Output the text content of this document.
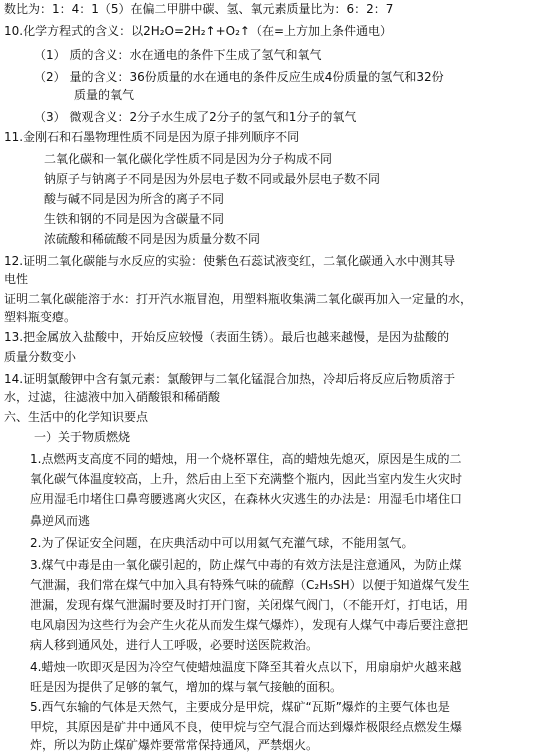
数比为：1：4：1（5）在偏二甲肼中碳、氢、氧元素质量比为：6：2：7
10.化学方程式的含义：以2H₂O=2H₂↑+O₂↑（在=上方加上条件通电）
（1） 质的含义：水在通电的条件下生成了氢气和氧气
（2） 量的含义：36份质量的水在通电的条件反应生成4份质量的氢气和32份
质量的氧气
（3） 微观含义：2分子水生成了2分子的氢气和1分子的氧气
11.金刚石和石墨物理性质不同是因为原子排列顺序不同
二氧化碳和一氧化碳化学性质不同是因为分子构成不同
钠原子与钠离子不同是因为外层电子数不同或最外层电子数不同
酸与碱不同是因为所含的离子不同
生铁和钢的不同是因为含碳量不同
浓硫酸和稀硫酸不同是因为质量分数不同
12.证明二氧化碳能与水反应的实验：使紫色石蕊试液变红，二氧化碳通入水中测其导
电性
证明二氧化碳能溶于水：打开汽水瓶冒泡，用塑料瓶收集满二氧化碳再加入一定量的水，
塑料瓶变瘪。
13.把金属放入盐酸中，开始反应较慢（表面生锈）。最后也越来越慢，是因为盐酸的
质量分数变小
14.证明氯酸钾中含有氯元素：氯酸钾与二氧化锰混合加热，冷却后将反应后物质溶于
水，过滤，往滤液中加入硝酸银和稀硝酸
六、生活中的化学知识要点
一）关于物质燃烧
1.点燃两支高度不同的蜡烛，用一个烧杯罩住，高的蜡烛先熄灭，原因是生成的二
氧化碳气体温度较高，上升，然后由上至下充满整个瓶内，因此当室内发生火灾时
应用湿毛巾堵住口鼻弯腰逃离火灾区，在森林火灾逃生的办法是：用湿毛巾堵住口
鼻逆风而逃
2.为了保证安全问题，在庆典活动中可以用氦气充灌气球，不能用氢气。
3.煤气中毒是由一氧化碳引起的，防止煤气中毒的有效方法是注意通风，为防止煤
气泄漏，我们常在煤气中加入具有特殊气味的硫醇（C₂H₅SH）以便于知道煤气发生
泄漏，发现有煤气泄漏时要及时打开门窗，关闭煤气阀门，（不能开灯，打电话，用
电风扇因为这些行为会产生火花从而发生煤气爆炸），发现有人煤气中毒后要注意把
病人移到通风处，进行人工呼吸，必要时送医院救治。
4.蜡烛一吹即灭是因为冷空气使蜡烛温度下降至其着火点以下，用扇扇炉火越来越
旺是因为提供了足够的氧气，增加的煤与氧气接触的面积。
5.西气东输的气体是天然气，主要成分是甲烷，煤矿“瓦斯”爆炸的主要气体也是
甲烷，其原因是矿井中通风不良，使甲烷与空气混合而达到爆炸极限经点燃发生爆
炸，所以为防止煤矿爆炸要常常保持通风，严禁烟火。
